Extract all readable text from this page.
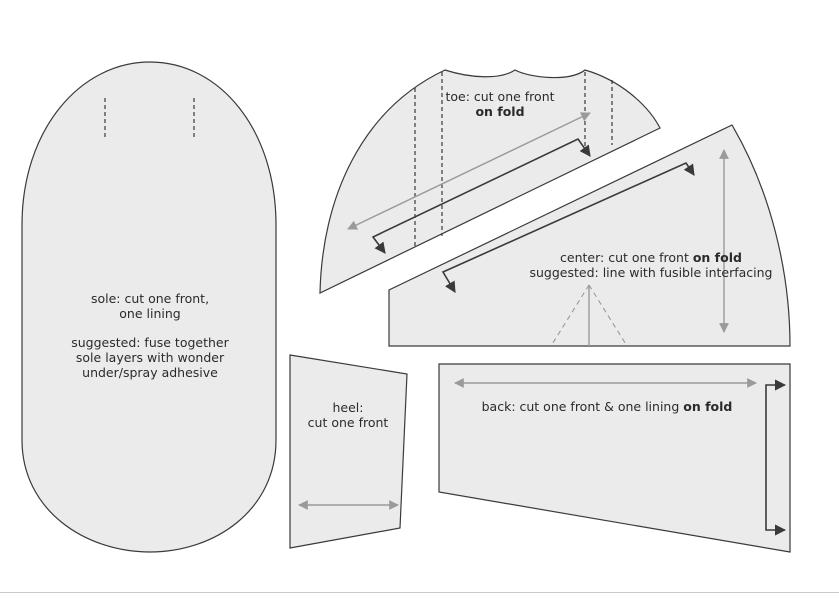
sole: cut one front,
one lining
suggested: fuse together
sole layers with wonder
under/spray adhesive
toe: cut one front
on fold
center: cut one front on fold
suggested: line with fusible interfacing
heel:
cut one front
back: cut one front & one lining on fold
